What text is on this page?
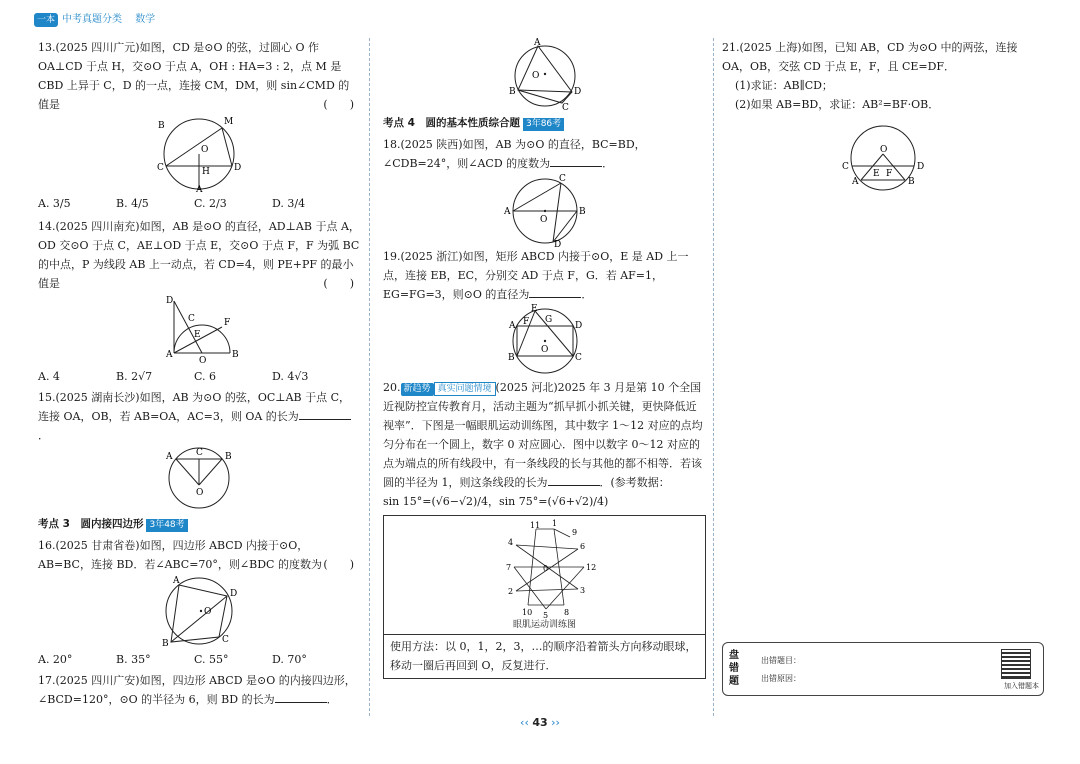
一本 中考真题分类 数学

13.(2025 四川广元)如图，CD 是⊙O 的弦，过圆心 O 作 OA⊥CD 于点 H，交⊙O 于点 A，OH : HA=3 : 2，点 M 是 CBD 上异于 C，D 的一点，连接 CM，DM，则 sin∠CMD 的值是	(　　)

B	M
O
C	H	D
A
A. 3/5	B. 4/5	C. 2/3	D. 3/4

14.(2025 四川南充)如图，AB 是⊙O 的直径，AD⊥AB 于点 A，OD 交⊙O 于点 C，AE⊥OD 于点 E，交⊙O 于点 F，F 为弧 BC 的中点，P 为线段 AB 上一动点，若 CD=4，则 PE+PF 的最小值是	(　　)

D
C	F
E
A
O
B
A. 4	B. 2√7	C. 6	D. 4√3

15.(2025 湖南长沙)如图，AB 为⊙O 的弦，OC⊥AB 于点 C，连接 OA，OB，若 AB=OA，AC=3，则 OA 的长为．

A	C B
O
考点 3　圆内接四边形 3年48考

16.(2025 甘肃省卷)如图，四边形 ABCD 内接于⊙O，AB=BC，连接 BD．若∠ABC=70°，则∠BDC 的度数为 (　　)

A
D
O
B	C
A. 20°	B. 35°	C. 55°	D. 70°

17.(2025 四川广安)如图，四边形 ABCD 是⊙O 的内接四边形，∠BCD=120°，⊙O 的半径为 6，则 BD 的长为	．

A
O
B	D
C
考点 4　圆的基本性质综合题 3年86考

18.(2025 陕西)如图，AB 为⊙O 的直径，BC=BD，∠CDB=24°，则∠ACD 的度数为	．

C
A
O
B
D

19.(2025 浙江)如图，矩形 ABCD 内接于⊙O，E 是 AD 上一点，连接 EB，EC，分别交 AD 于点 F，G．若 AF=1，EG=FG=3，则⊙O 的直径为	．

E
G
A F	D
O
B	C

20. 新趋势 真实问题情境 (2025 河北)2025 年 3 月是第 10 个全国近视防控宣传教育月，活动主题为“抓早抓小抓关键，更快降低近视率”．下图是一幅眼肌运动训练图，其中数字 1～12 对应的点均匀分布在一个圆上，数字 0 对应圆心．图中以数字 0～12 对应的点为端点的所有线段中，有一条线段的长与其他的都不相等．若该圆的半径为 1，则这条线段的长为	．(参考数据：

sin 15°=(√6−√2)/4，sin 75°=(√6+√2)/4)

11 1
9
4	6
7	0	12
2	3
10 5 8
眼肌运动训练图
使用方法：以 0，1，2，3，…的顺序沿着箭头方向移动眼球，移动一圈后再回到 O，反复进行．

21.(2025 上海)如图，已知 AB，CD 为⊙O 中的两弦，连接 OA，OB，交弦 CD 于点 E，F，且 CE=DF．

(1)求证：AB∥CD；

(2)如果 AB=BD，求证：AB²=BF·OB．

O
C	D
E F
A	B
盘错题
出错题目：
出错原因：
加入错题本
‹‹ 43 ››
